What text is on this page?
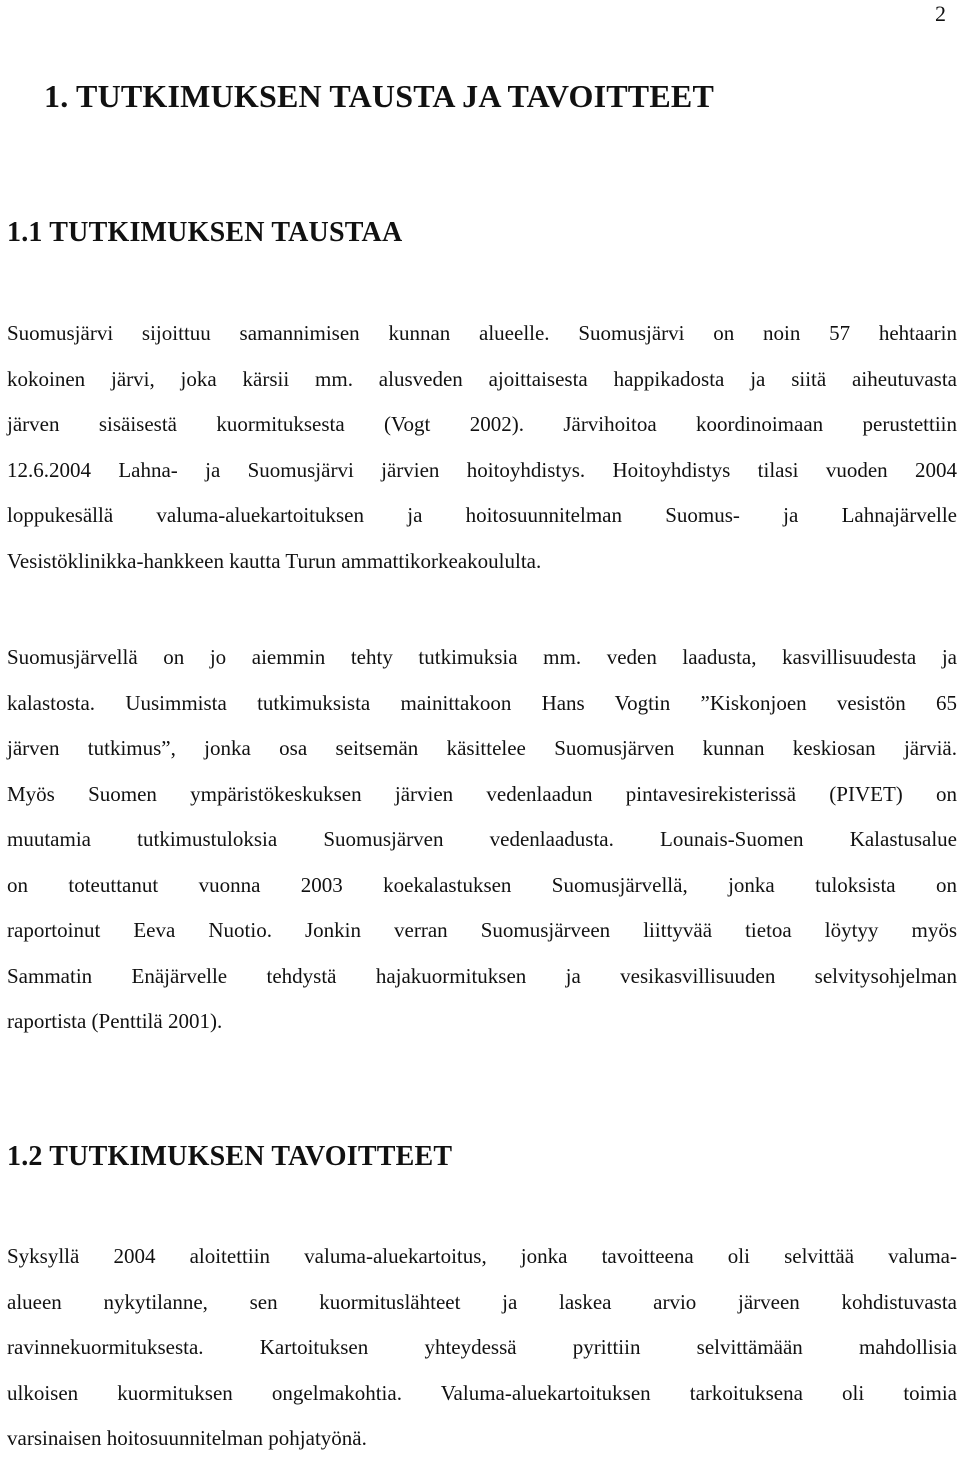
2
1. TUTKIMUKSEN TAUSTA JA TAVOITTEET
1.1 TUTKIMUKSEN TAUSTAA

Suomusjärvi sijoittuu samannimisen kunnan alueelle. Suomusjärvi on noin 57 hehtaarin
kokoinen järvi, joka kärsii mm. alusveden ajoittaisesta happikadosta ja siitä aiheutuvasta
järven sisäisestä kuormituksesta (Vogt 2002). Järvihoitoa koordinoimaan perustettiin
12.6.2004 Lahna- ja Suomusjärvi järvien hoitoyhdistys. Hoitoyhdistys tilasi vuoden 2004
loppukesällä valuma-aluekartoituksen ja hoitosuunnitelman Suomus- ja Lahnajärvelle
Vesistöklinikka-hankkeen kautta Turun ammattikorkeakoululta.

Suomusjärvellä on jo aiemmin tehty tutkimuksia mm. veden laadusta, kasvillisuudesta ja
kalastosta. Uusimmista tutkimuksista mainittakoon Hans Vogtin ”Kiskonjoen vesistön 65
järven tutkimus”, jonka osa seitsemän käsittelee Suomusjärven kunnan keskiosan järviä.
Myös Suomen ympäristökeskuksen järvien vedenlaadun pintavesirekisterissä (PIVET) on
muutamia tutkimustuloksia Suomusjärven vedenlaadusta. Lounais-Suomen Kalastusalue
on toteuttanut vuonna 2003 koekalastuksen Suomusjärvellä, jonka tuloksista on
raportoinut Eeva Nuotio. Jonkin verran Suomusjärveen liittyvää tietoa löytyy myös
Sammatin Enäjärvelle tehdystä hajakuormituksen ja vesikasvillisuuden selvitysohjelman
raportista (Penttilä 2001).

1.2 TUTKIMUKSEN TAVOITTEET

Syksyllä 2004 aloitettiin valuma-aluekartoitus, jonka tavoitteena oli selvittää valuma-
alueen nykytilanne, sen kuormituslähteet ja laskea arvio järveen kohdistuvasta
ravinnekuormituksesta. Kartoituksen yhteydessä pyrittiin selvittämään mahdollisia
ulkoisen kuormituksen ongelmakohtia. Valuma-aluekartoituksen tarkoituksena oli toimia
varsinaisen hoitosuunnitelman pohjatyönä.
